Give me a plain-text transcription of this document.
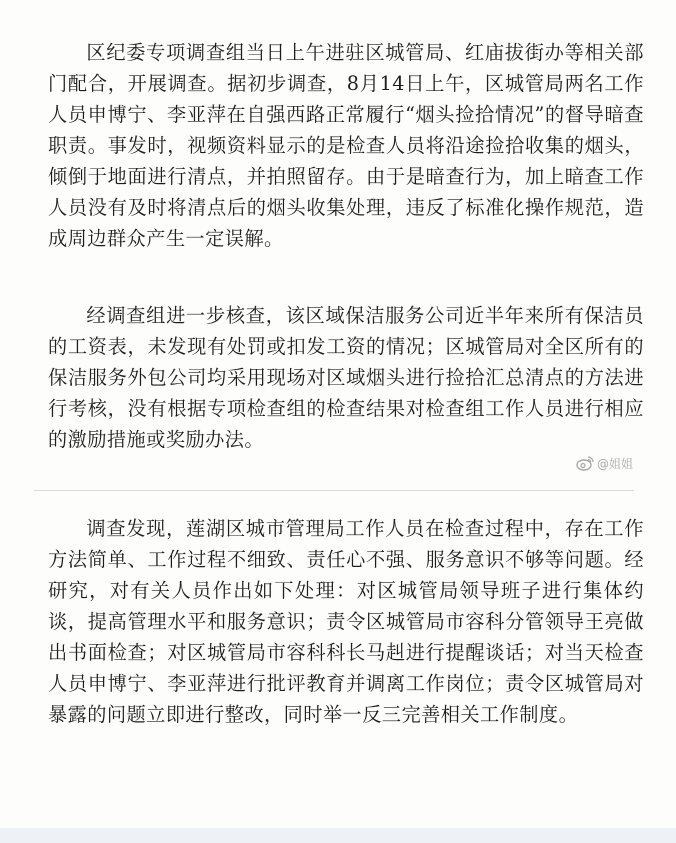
区纪委专项调查组当日上午进驻区城管局、红庙拔街办等相关部门配合，开展调查。据初步调查，8月14日上午，区城管局两名工作人员申博宁、李亚萍在自强西路正常履行“烟头捡拾情况”的督导暗查职责。事发时，视频资料显示的是检查人员将沿途捡拾收集的烟头，倾倒于地面进行清点，并拍照留存。由于是暗查行为，加上暗查工作人员没有及时将清点后的烟头收集处理，违反了标准化操作规范，造成周边群众产生一定误解。

经调查组进一步核查，该区域保洁服务公司近半年来所有保洁员的工资表，未发现有处罚或扣发工资的情况；区城管局对全区所有的保洁服务外包公司均采用现场对区域烟头进行捡拾汇总清点的方法进行考核，没有根据专项检查组的检查结果对检查组工作人员进行相应的激励措施或奖励办法。

@姐姐

调查发现，莲湖区城市管理局工作人员在检查过程中，存在工作方法简单、工作过程不细致、责任心不强、服务意识不够等问题。经研究，对有关人员作出如下处理：对区城管局领导班子进行集体约谈，提高管理水平和服务意识；责令区城管局市容科分管领导王亮做出书面检查；对区城管局市容科科长马赳进行提醒谈话；对当天检查人员申博宁、李亚萍进行批评教育并调离工作岗位；责令区城管局对暴露的问题立即进行整改，同时举一反三完善相关工作制度。
